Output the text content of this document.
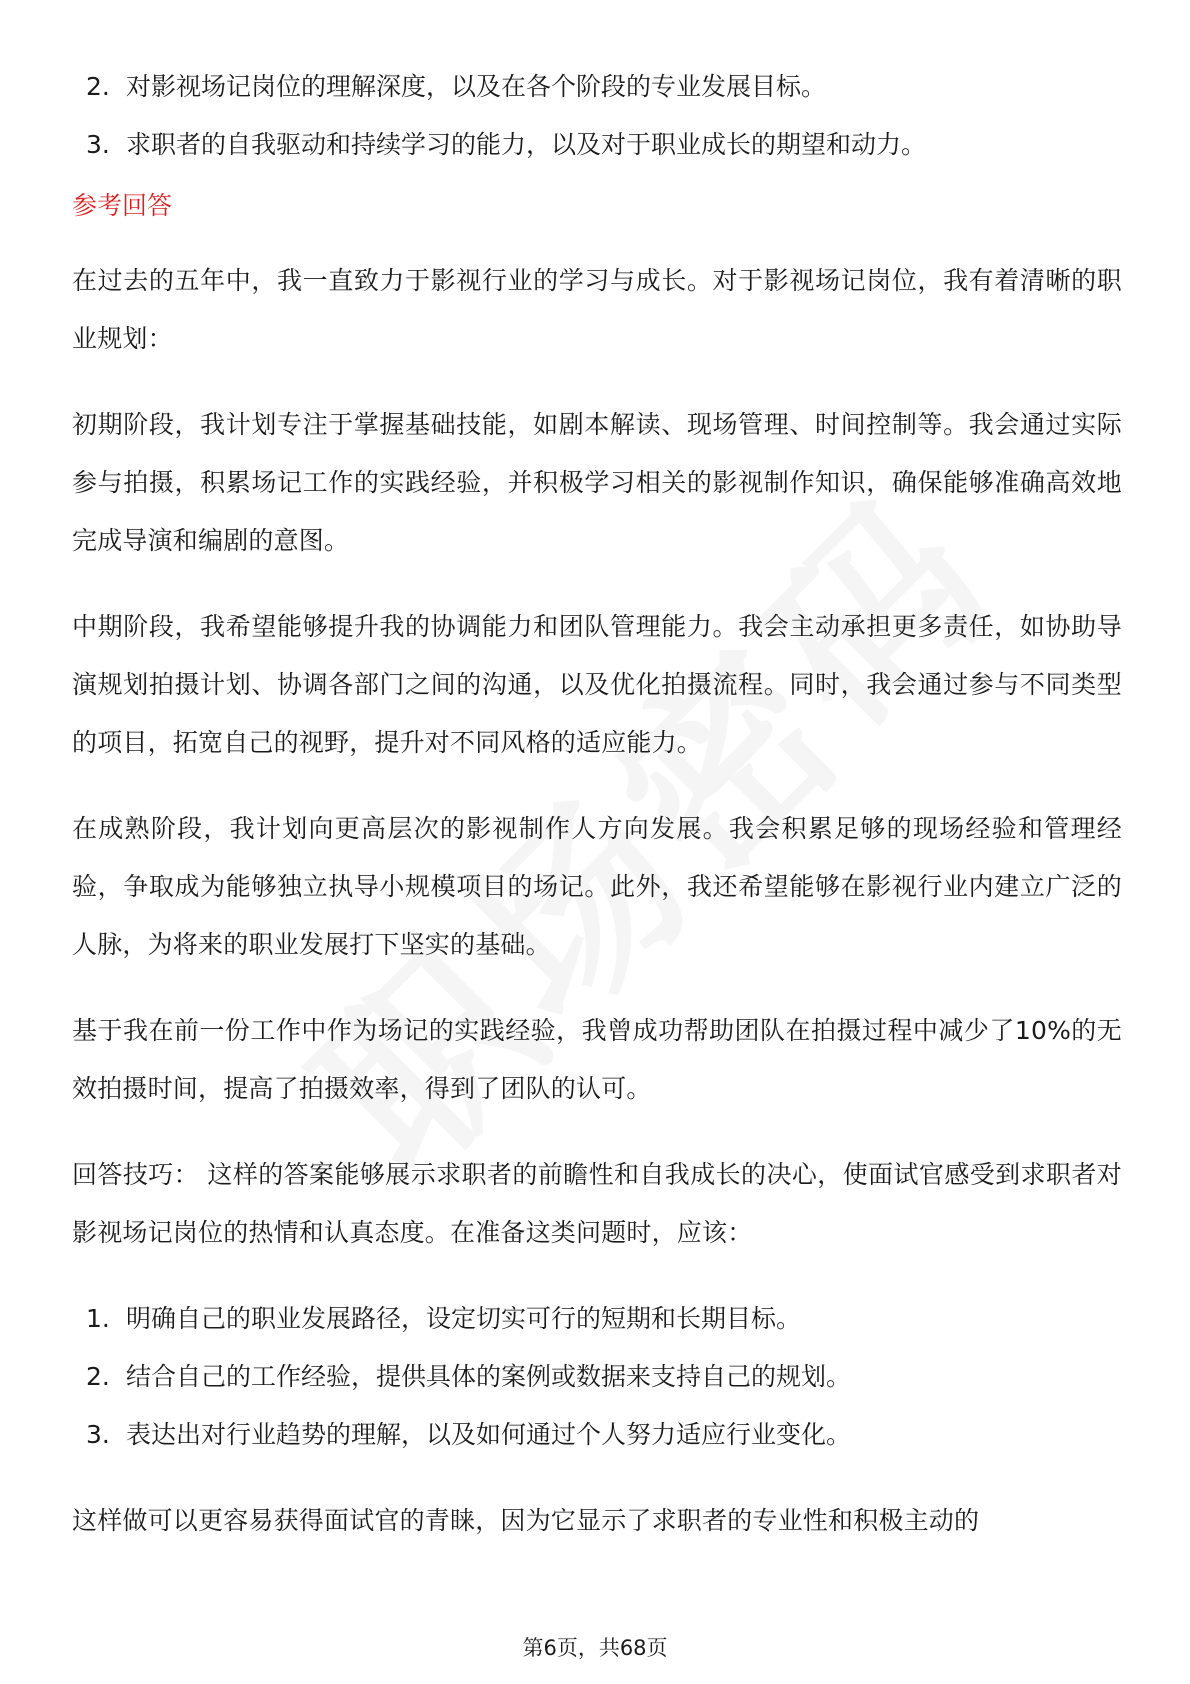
2. 对影视场记岗位的理解深度，以及在各个阶段的专业发展目标。
3. 求职者的自我驱动和持续学习的能力，以及对于职业成长的期望和动力。
参考回答

在过去的五年中，我一直致力于影视行业的学习与成长。对于影视场记岗位，我有着清晰的职业规划：

初期阶段，我计划专注于掌握基础技能，如剧本解读、现场管理、时间控制等。我会通过实际参与拍摄，积累场记工作的实践经验，并积极学习相关的影视制作知识，确保能够准确高效地完成导演和编剧的意图。

中期阶段，我希望能够提升我的协调能力和团队管理能力。我会主动承担更多责任，如协助导演规划拍摄计划、协调各部门之间的沟通，以及优化拍摄流程。同时，我会通过参与不同类型的项目，拓宽自己的视野，提升对不同风格的适应能力。

在成熟阶段，我计划向更高层次的影视制作人方向发展。我会积累足够的现场经验和管理经验，争取成为能够独立执导小规模项目的场记。此外，我还希望能够在影视行业内建立广泛的人脉，为将来的职业发展打下坚实的基础。

基于我在前一份工作中作为场记的实践经验，我曾成功帮助团队在拍摄过程中减少了10%的无效拍摄时间，提高了拍摄效率，得到了团队的认可。

回答技巧： 这样的答案能够展示求职者的前瞻性和自我成长的决心，使面试官感受到求职者对影视场记岗位的热情和认真态度。在准备这类问题时，应该：

1. 明确自己的职业发展路径，设定切实可行的短期和长期目标。
2. 结合自己的工作经验，提供具体的案例或数据来支持自己的规划。
3. 表达出对行业趋势的理解，以及如何通过个人努力适应行业变化。

这样做可以更容易获得面试官的青睐，因为它显示了求职者的专业性和积极主动的

第6页，共68页
